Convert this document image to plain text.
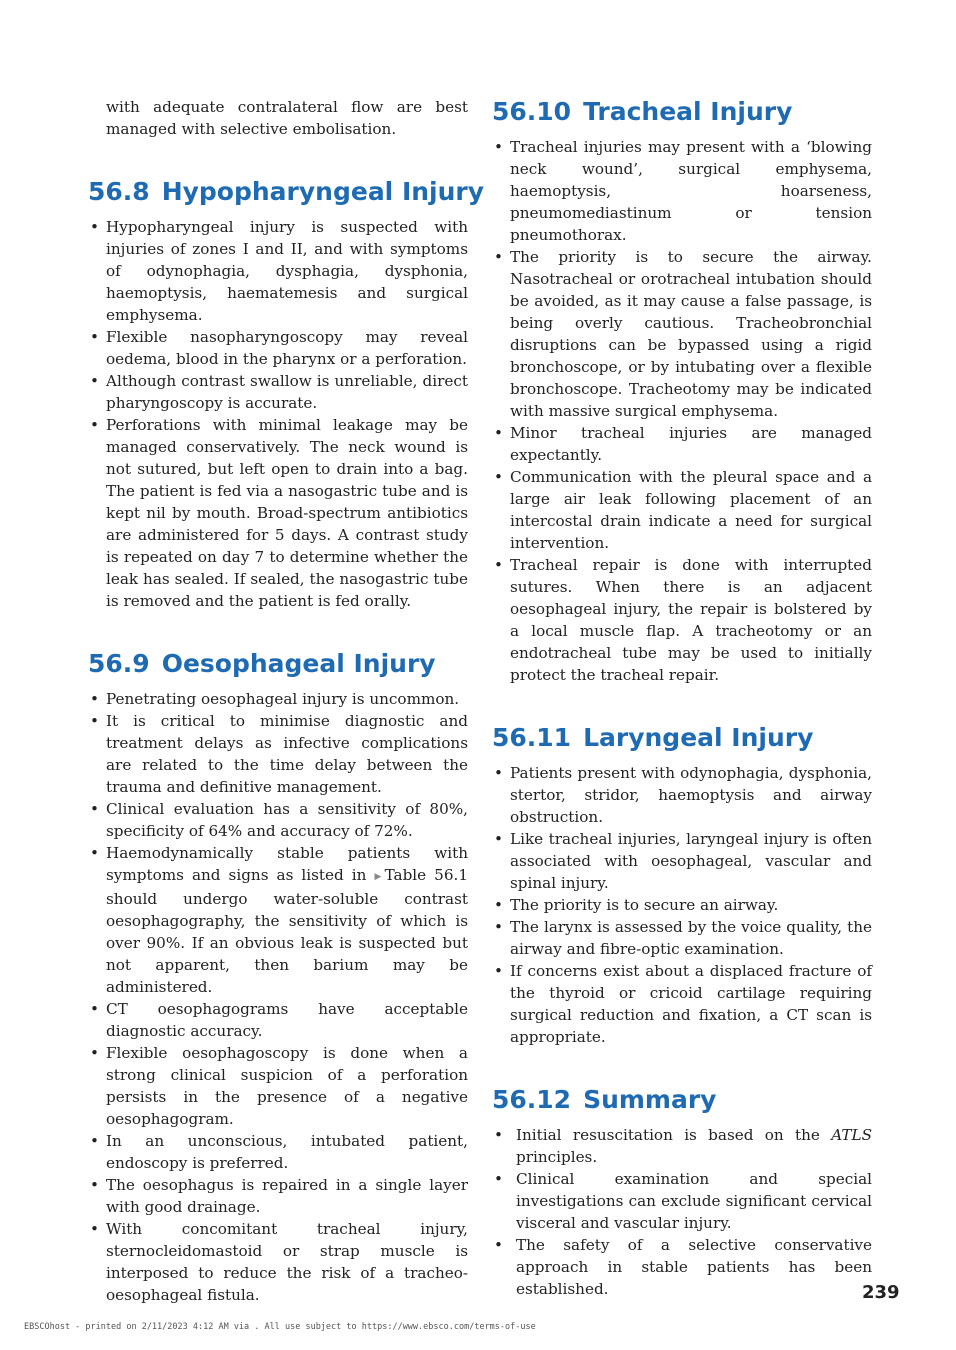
with adequate contralateral flow are best managed with selective embolisation.

56.8 Hypopharyngeal Injury
• Hypopharyngeal injury is suspected with injuries of zones I and II, and with symptoms of odynophagia, dysphagia, dysphonia, haemoptysis, haematemesis and surgical emphysema.
• Flexible nasopharyngoscopy may reveal oedema, blood in the pharynx or a perforation.
• Although contrast swallow is unreliable, direct pharyngoscopy is accurate.
• Perforations with minimal leakage may be managed conservatively. The neck wound is not sutured, but left open to drain into a bag. The patient is fed via a nasogastric tube and is kept nil by mouth. Broad-spectrum antibiotics are administered for 5 days. A contrast study is repeated on day 7 to determine whether the leak has sealed. If sealed, the nasogastric tube is removed and the patient is fed orally.
56.9 Oesophageal Injury
• Penetrating oesophageal injury is uncommon.
• It is critical to minimise diagnostic and treatment delays as infective complications are related to the time delay between the trauma and definitive management.
• Clinical evaluation has a sensitivity of 80%, specificity of 64% and accuracy of 72%.
• Haemodynamically stable patients with symptoms and signs as listed in ▶Table 56.1 should undergo water-soluble contrast oesophagography, the sensitivity of which is over 90%. If an obvious leak is suspected but not apparent, then barium may be administered.
• CT oesophagograms have acceptable diagnostic accuracy.
• Flexible oesophagoscopy is done when a strong clinical suspicion of a perforation persists in the presence of a negative oesophagogram.
• In an unconscious, intubated patient, endoscopy is preferred.
• The oesophagus is repaired in a single layer with good drainage.
• With concomitant tracheal injury, sternocleidomastoid or strap muscle is interposed to reduce the risk of a tracheo-oesophageal fistula.
56.10 Tracheal Injury
• Tracheal injuries may present with a ‘blowing neck wound’, surgical emphysema, haemoptysis, hoarseness, pneumomediastinum or tension pneumothorax.
• The priority is to secure the airway. Nasotracheal or orotracheal intubation should be avoided, as it may cause a false passage, is being overly cautious. Tracheobronchial disruptions can be bypassed using a rigid bronchoscope, or by intubating over a flexible bronchoscope. Tracheotomy may be indicated with massive surgical emphysema.
• Minor tracheal injuries are managed expectantly.
• Communication with the pleural space and a large air leak following placement of an intercostal drain indicate a need for surgical intervention.
• Tracheal repair is done with interrupted sutures. When there is an adjacent oesophageal injury, the repair is bolstered by a local muscle flap. A tracheotomy or an endotracheal tube may be used to initially protect the tracheal repair.
56.11 Laryngeal Injury
• Patients present with odynophagia, dysphonia, stertor, stridor, haemoptysis and airway obstruction.
• Like tracheal injuries, laryngeal injury is often associated with oesophageal, vascular and spinal injury.
• The priority is to secure an airway.
• The larynx is assessed by the voice quality, the airway and fibre-optic examination.
• If concerns exist about a displaced fracture of the thyroid or cricoid cartilage requiring surgical reduction and fixation, a CT scan is appropriate.
56.12 Summary
• Initial resuscitation is based on the ATLS principles.
• Clinical examination and special investigations can exclude significant cervical visceral and vascular injury.
• The safety of a selective conservative approach in stable patients has been established.	239
EBSCOhost - printed on 2/11/2023 4:12 AM via . All use subject to https://www.ebsco.com/terms-of-use
